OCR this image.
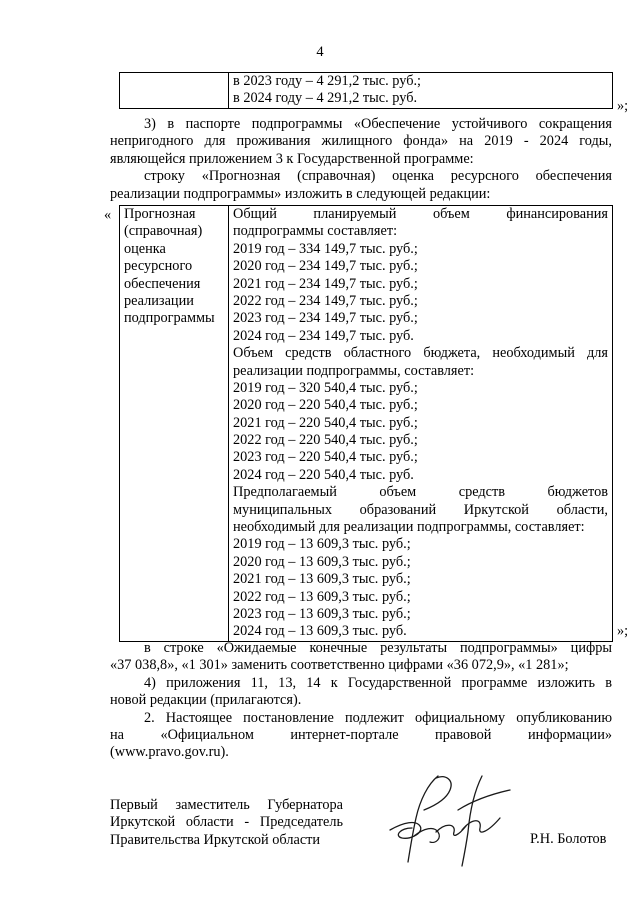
4

в 2023 году – 4 291,2 тыс. руб.;
в 2024 году – 4 291,2 тыс. руб.	»;
3) в паспорте подпрограммы «Обеспечение устойчивого сокращения
непригодного для проживания жилищного фонда» на 2019 - 2024 годы,
являющейся приложением 3 к Государственной программе:
строку «Прогнозная (справочная) оценка ресурсного обеспечения
реализации подпрограммы» изложить в следующей редакции:
« Прогнозная
(справочная)
оценка
ресурсного
обеспечения
реализации
подпрограммы

Общий планируемый объем финансирования
подпрограммы составляет:
2019 год – 334 149,7 тыс. руб.;
2020 год – 234 149,7 тыс. руб.;
2021 год – 234 149,7 тыс. руб.;
2022 год – 234 149,7 тыс. руб.;
2023 год – 234 149,7 тыс. руб.;
2024 год – 234 149,7 тыс. руб.
Объем средств областного бюджета, необходимый для
реализации подпрограммы, составляет:
2019 год – 320 540,4 тыс. руб.;
2020 год – 220 540,4 тыс. руб.;
2021 год – 220 540,4 тыс. руб.;
2022 год – 220 540,4 тыс. руб.;
2023 год – 220 540,4 тыс. руб.;
2024 год – 220 540,4 тыс. руб.
Предполагаемый объем средств бюджетов
муниципальных образований Иркутской области,
необходимый для реализации подпрограммы, составляет:
2019 год – 13 609,3 тыс. руб.;
2020 год – 13 609,3 тыс. руб.;
2021 год – 13 609,3 тыс. руб.;
2022 год – 13 609,3 тыс. руб.;
2023 год – 13 609,3 тыс. руб.;
2024 год – 13 609,3 тыс. руб.	»;
в строке «Ожидаемые конечные результаты подпрограммы» цифры
«37 038,8», «1 301» заменить соответственно цифрами «36 072,9», «1 281»;
4) приложения 11, 13, 14 к Государственной программе изложить в
новой редакции (прилагаются).
2. Настоящее постановление подлежит официальному опубликованию
на «Официальном интернет-портале правовой информации»
(www.pravo.gov.ru).
Первый заместитель Губернатора
Иркутской области - Председатель
Правительства Иркутской области	Р.Н. Болотов
